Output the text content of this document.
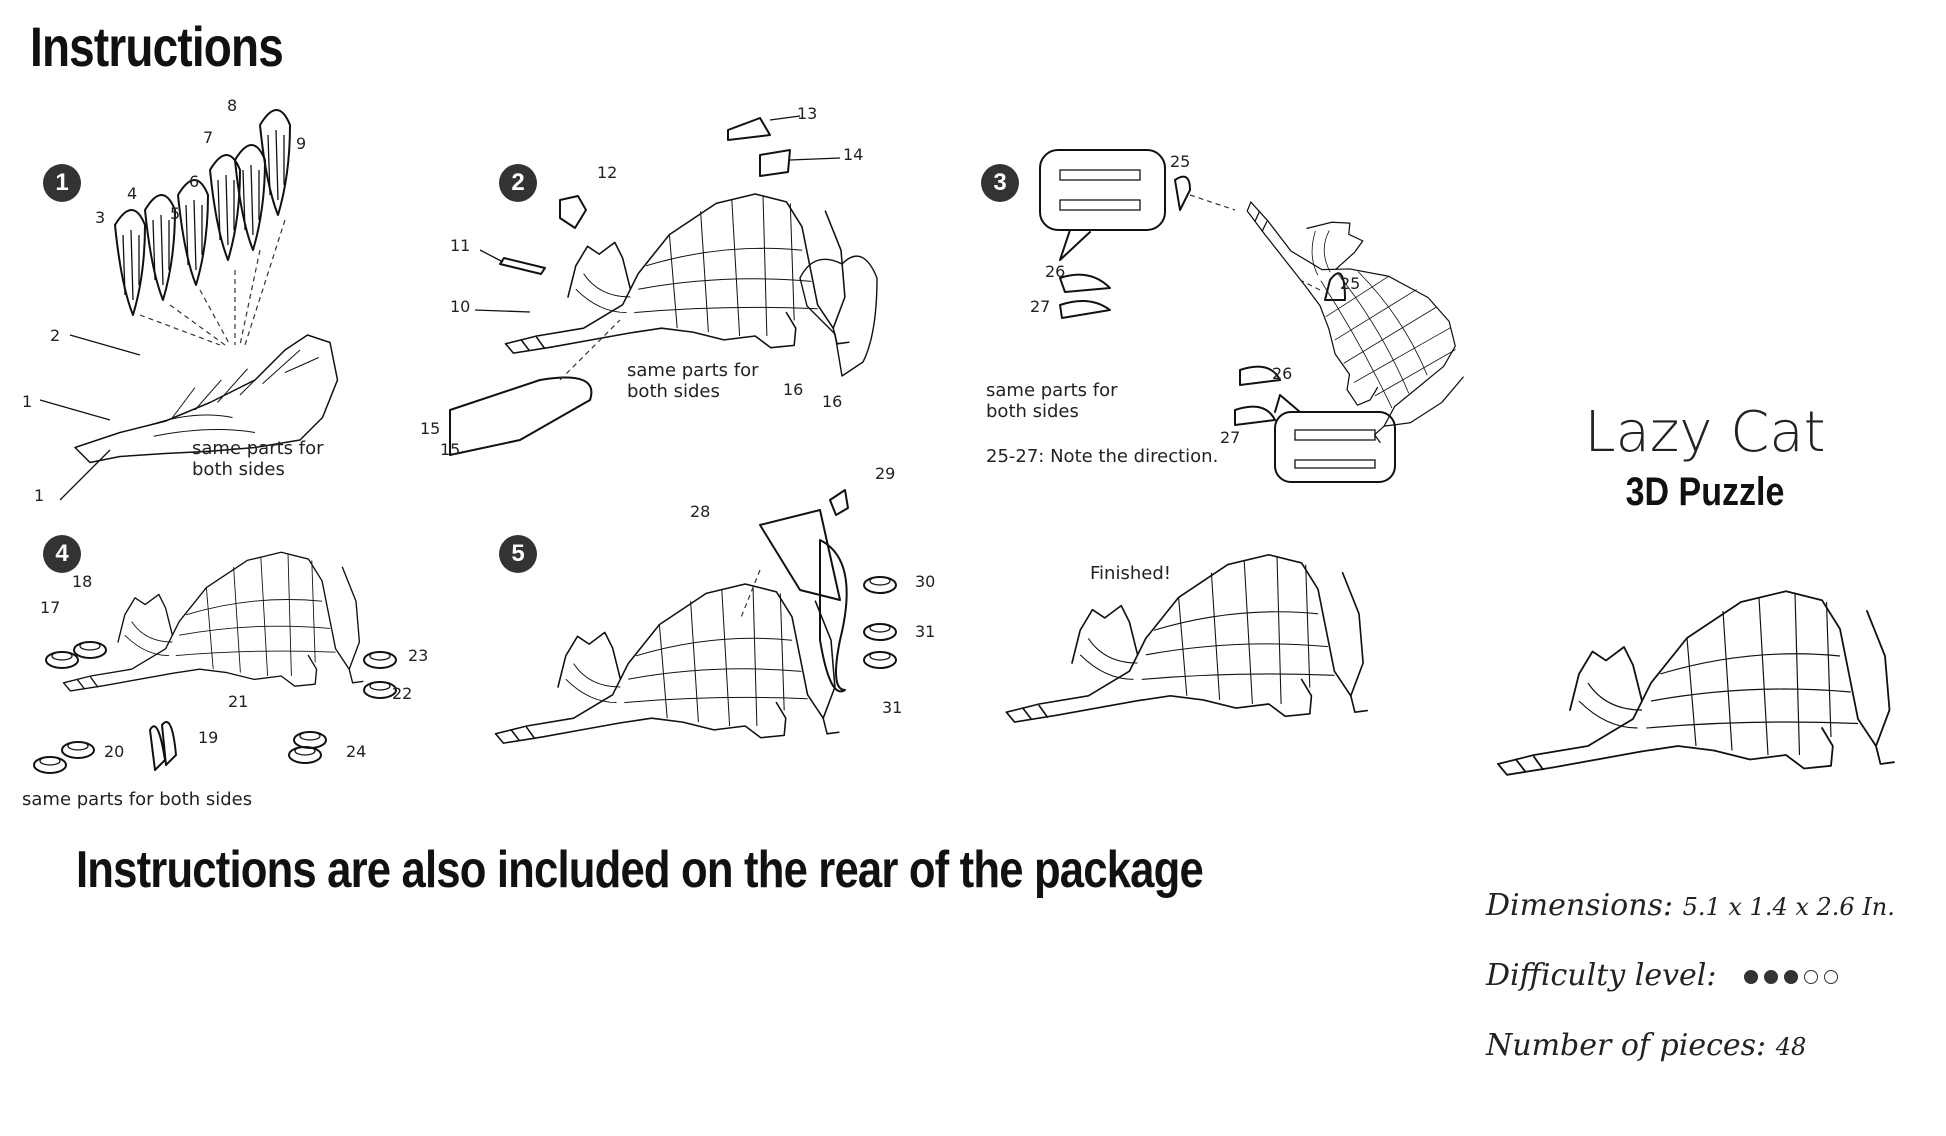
Instructions
1	2	3
4	5
same parts for
both sides
same parts for
both sides	same parts for
both sides
25-27: Note the direction.
same parts for both sides
Finished!
1
1
2
3
4
5
6
7
8
9
10
11
12
13
14
15
15
16
16
25
25
26
26
27
27
17
18
19
20
21	22
23
24
28
29
30
31
31
Instructions are also included on the rear of the package
Lazy Cat
3D Puzzle
Dimensions: 5.1 x 1.4 x 2.6 In.
Difficulty level:
Number of pieces: 48
